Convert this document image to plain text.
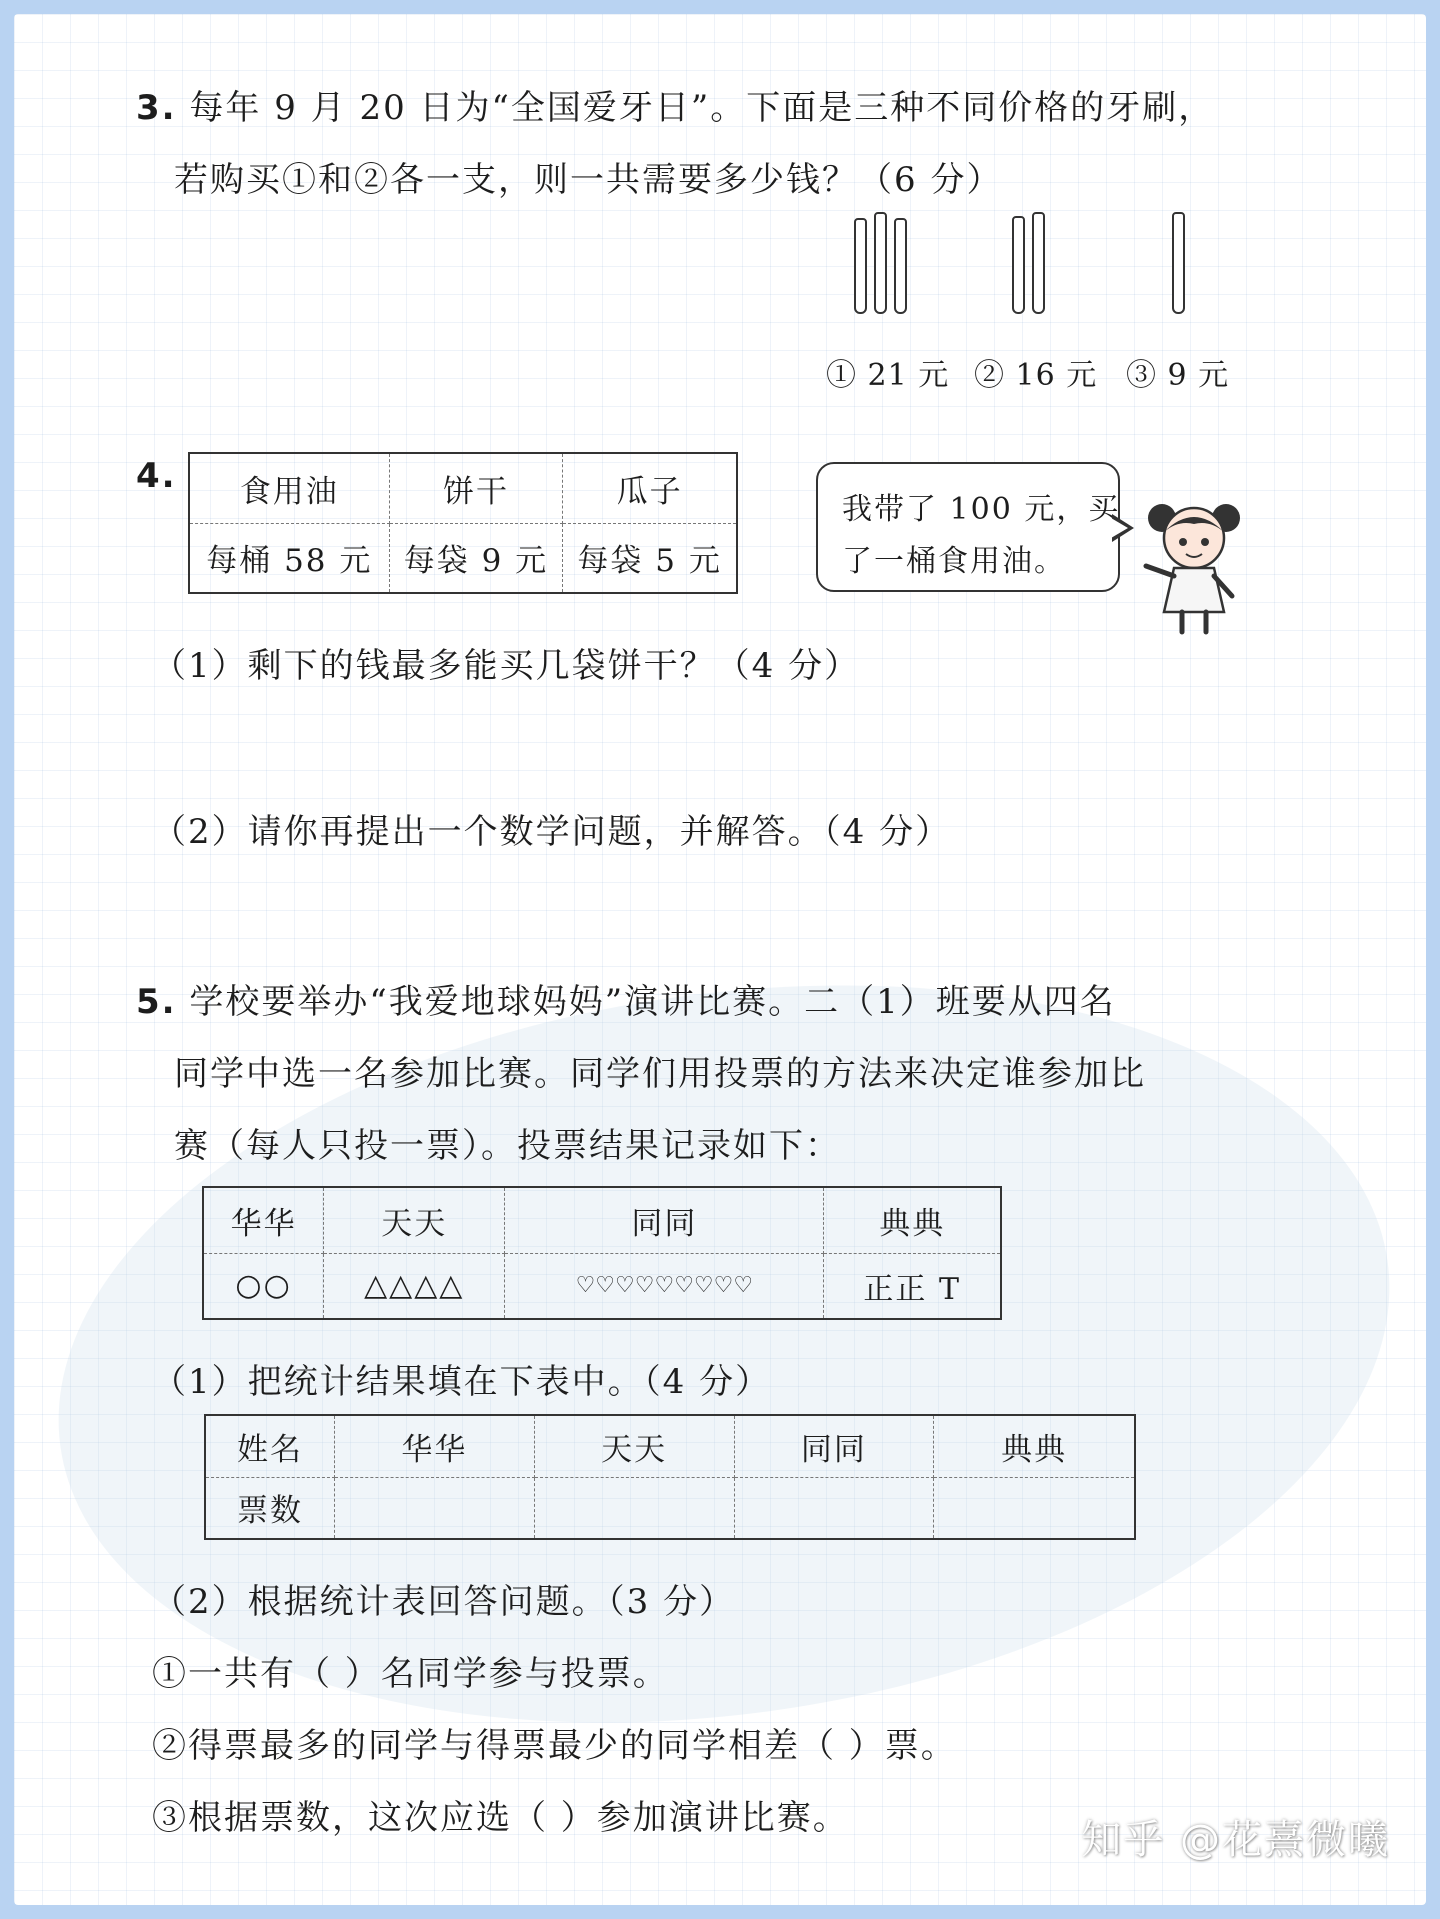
3. 每年 9 月 20 日为“全国爱牙日”。下面是三种不同价格的牙刷，
若购买①和②各一支，则一共需要多少钱？（6 分）
① 21 元 ② 16 元 ③ 9 元
4. 食用油	饼干	瓜子
每桶 58 元	每袋 9 元	每袋 5 元
我带了 100 元，买
了一桶食用油。
（1）剩下的钱最多能买几袋饼干？（4 分）
（2）请你再提出一个数学问题，并解答。（4 分）
5. 学校要举办“我爱地球妈妈”演讲比赛。二（1）班要从四名
同学中选一名参加比赛。同学们用投票的方法来决定谁参加比
赛（每人只投一票）。投票结果记录如下：
华华	天天	同同	典典
○○	△△△△	♡♡♡♡♡♡♡♡♡	正正 T
（1）把统计结果填在下表中。（4 分）
姓名	华华	天天	同同	典典
票数				
（2）根据统计表回答问题。（3 分）
①一共有（ ）名同学参与投票。
②得票最多的同学与得票最少的同学相差（ ）票。
③根据票数，这次应选（ ）参加演讲比赛。	知乎 @花熹微曦
